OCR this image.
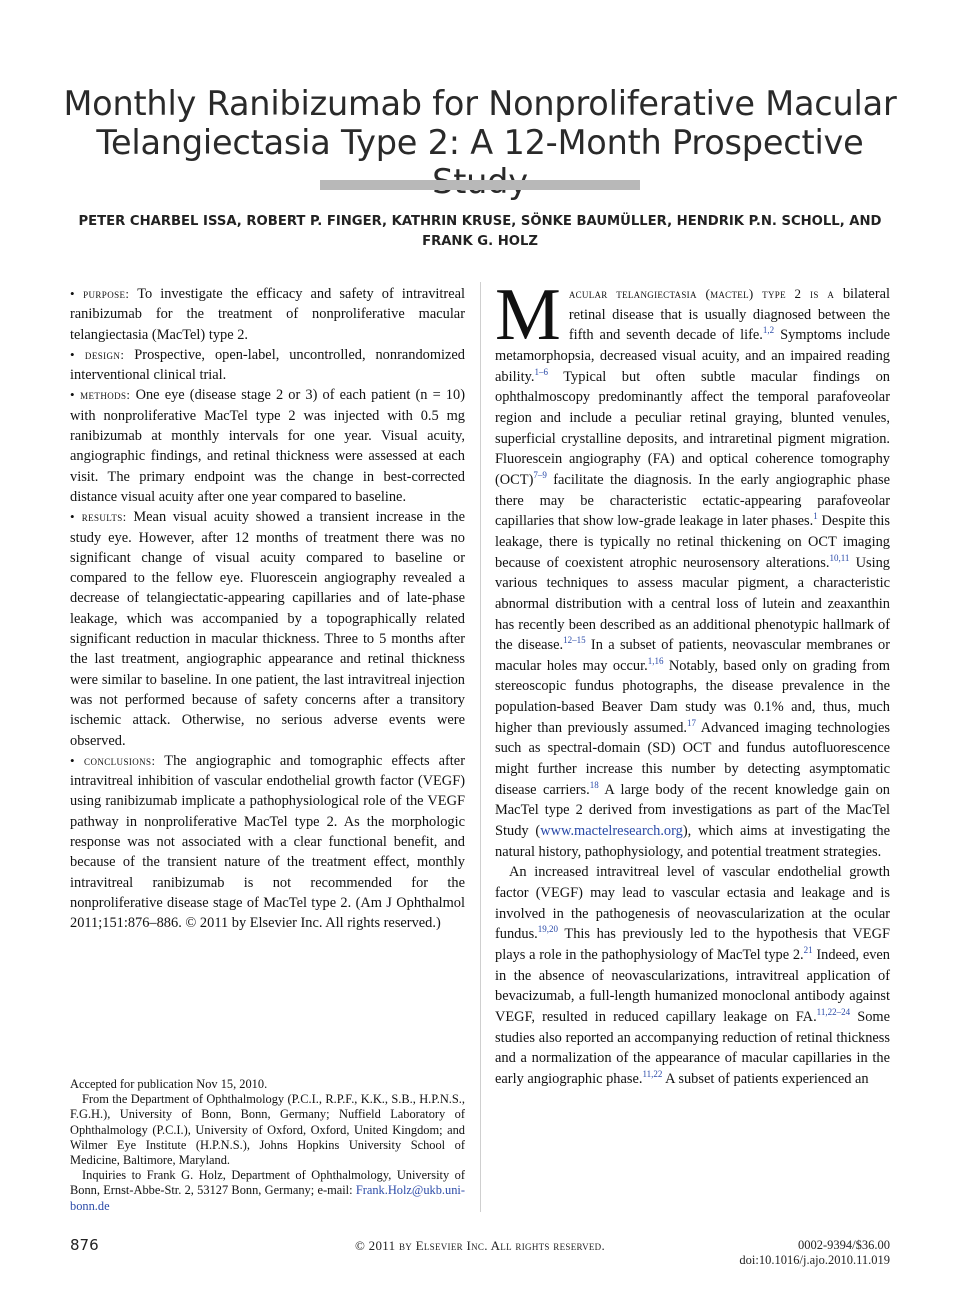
Monthly Ranibizumab for Nonproliferative Macular
Telangiectasia Type 2: A 12-Month Prospective
PETER CHARBEL ISSA, ROBERT P. FINGER, KATHRIN KRUSE, SÖNKE BAUMÜLLER, HENDRIK P.N. SCHOLL, AND FRANK G. HOLZ

• purpose: To investigate the efficacy and safety of intravitreal ranibizumab for the treatment of nonproliferative macular telangiectasia (MacTel) type 2.

• design: Prospective, open-label, uncontrolled, nonrandomized interventional clinical trial.

• methods: One eye (disease stage 2 or 3) of each patient (n = 10) with nonproliferative MacTel type 2 was injected with 0.5 mg ranibizumab at monthly intervals for one year. Visual acuity, angiographic findings, and retinal thickness were assessed at each visit. The primary endpoint was the change in best-corrected distance visual acuity after one year compared to baseline.

• results: Mean visual acuity showed a transient increase in the study eye. However, after 12 months of treatment there was no significant change of visual acuity compared to baseline or compared to the fellow eye. Fluorescein angiography revealed a decrease of telangiectatic-appearing capillaries and of late-phase leakage, which was accompanied by a topographically related significant reduction in macular thickness. Three to 5 months after the last treatment, angiographic appearance and retinal thickness were similar to baseline. In one patient, the last intravitreal injection was not performed because of safety concerns after a transitory ischemic attack. Otherwise, no serious adverse events were observed.

• conclusions: The angiographic and tomographic effects after intravitreal inhibition of vascular endothelial growth factor (VEGF) using ranibizumab implicate a pathophysiological role of the VEGF pathway in nonproliferative MacTel type 2. As the morphologic response was not associated with a clear functional benefit, and because of the transient nature of the treatment effect, monthly intravitreal ranibizumab is not recommended for the nonproliferative disease stage of MacTel type 2. (Am J Ophthalmol 2011;151:876–886. © 2011 by Elsevier Inc. All rights reserved.)

Accepted for publication Nov 15, 2010.

From the Department of Ophthalmology (P.C.I., R.P.F., K.K., S.B., H.P.N.S., F.G.H.), University of Bonn, Bonn, Germany; Nuffield Laboratory of Ophthalmology (P.C.I.), University of Oxford, Oxford, United Kingdom; and Wilmer Eye Institute (H.P.N.S.), Johns Hopkins University School of Medicine, Baltimore, Maryland.

Inquiries to Frank G. Holz, Department of Ophthalmology, University of Bonn, Ernst-Abbe-Str. 2, 53127 Bonn, Germany; e-mail: Frank.Holz@ukb.uni-bonn.de

Macular telangiectasia (mactel) type 2 is a bilateral retinal disease that is usually diagnosed between the fifth and seventh decade of life.$^{1,2}$ Symptoms include metamorphopsia, decreased visual acuity, and an impaired reading ability.$^{1-6}$ Typical but often subtle macular findings on ophthalmoscopy predominantly affect the temporal parafoveolar region and include a peculiar retinal graying, blunted venules, superficial crystalline deposits, and intraretinal pigment migration. Fluorescein angiography (FA) and optical coherence tomography (OCT)$^{7-9}$ facilitate the diagnosis. In the early angiographic phase there may be characteristic ectatic-appearing parafoveolar capillaries that show low-grade leakage in later phases.$^1$ Despite this leakage, there is typically no retinal thickening on OCT imaging because of coexistent atrophic neurosensory alterations.$^{10,11}$ Using various techniques to assess macular pigment, a characteristic abnormal distribution with a central loss of lutein and zeaxanthin has recently been described as an additional phenotypic hallmark of the disease.$^{12-15}$ In a subset of patients, neovascular membranes or macular holes may occur.$^{1,16}$ Notably, based only on grading from stereoscopic fundus photographs, the disease prevalence in the population-based Beaver Dam study was 0.1% and, thus, much higher than previously assumed.$^{17}$ Advanced imaging technologies such as spectral-domain (SD) OCT and fundus autofluorescence might further increase this number by detecting asymptomatic disease carriers.$^{18}$ A large body of the recent knowledge gain on MacTel type 2 derived from investigations as part of the MacTel Study (www.mactelresearch.org), which aims at investigating the natural history, pathophysiology, and potential treatment strategies.

An increased intravitreal level of vascular endothelial growth factor (VEGF) may lead to vascular ectasia and leakage and is involved in the pathogenesis of neovascularization at the ocular fundus.$^{19,20}$ This has previously led to the hypothesis that VEGF plays a role in the pathophysiology of MacTel type 2.21 Indeed, even in the absence of neovascularizations, intravitreal application of bevacizumab, a full-length humanized monoclonal antibody against VEGF, resulted in reduced capillary leakage on FA.$^{11,22-24}$ Some studies also reported an accompanying reduction of retinal thickness and a normalization of the appearance of macular capillaries in the early angiographic phase.$^{11,22}$ A subset of patients experienced an

876	© 2011 by Elsevier Inc. All rights reserved.	0002-9394/$36.00
doi:10.1016/j.ajo.2010.11.019
